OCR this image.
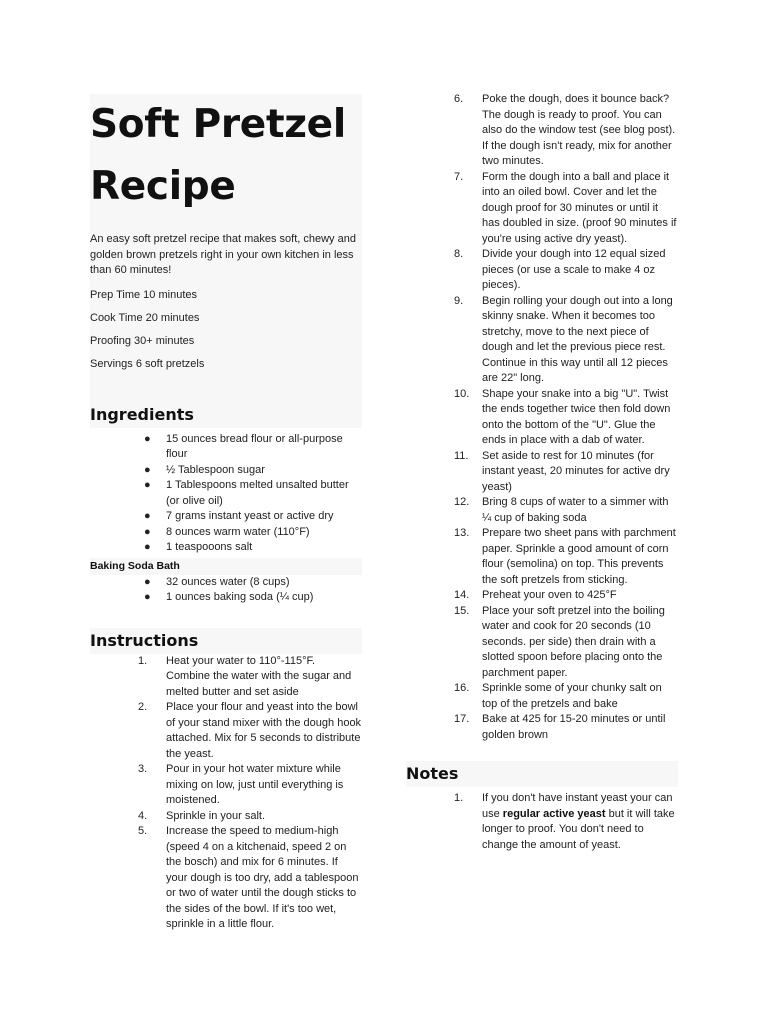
Soft Pretzel Recipe

An easy soft pretzel recipe that makes soft, chewy and golden brown pretzels right in your own kitchen in less than 60 minutes!

Prep Time 10 minutes

Cook Time 20 minutes

Proofing 30+ minutes

Servings 6 soft pretzels

Ingredients
● 15 ounces bread flour or all-purpose flour
● ½ Tablespoon sugar
● 1 Tablespoons melted unsalted butter (or olive oil)
● 7 grams instant yeast or active dry
● 8 ounces warm water (110°F)
● 1 teaspooons salt
Baking Soda Bath
● 32 ounces water (8 cups)
● 1 ounces baking soda (¼ cup)
Instructions
1.	Heat your water to 110°-115°F. Combine the water with the sugar and melted butter and set aside
2.	Place your flour and yeast into the bowl of your stand mixer with the dough hook attached. Mix for 5 seconds to distribute the yeast.
3.	Pour in your hot water mixture while mixing on low, just until everything is moistened.
4.	Sprinkle in your salt.
5.	Increase the speed to medium-high (speed 4 on a kitchenaid, speed 2 on the bosch) and mix for 6 minutes. If your dough is too dry, add a tablespoon or two of water until the dough sticks to the sides of the bowl. If it's too wet, sprinkle in a little flour.
6.	Poke the dough, does it bounce back? The dough is ready to proof. You can also do the window test (see blog post). If the dough isn't ready, mix for another two minutes.
7.	Form the dough into a ball and place it into an oiled bowl. Cover and let the dough proof for 30 minutes or until it has doubled in size. (proof 90 minutes if you're using active dry yeast).
8.	Divide your dough into 12 equal sized pieces (or use a scale to make 4 oz pieces).
9.	Begin rolling your dough out into a long skinny snake. When it becomes too stretchy, move to the next piece of dough and let the previous piece rest. Continue in this way until all 12 pieces are 22" long.
10.	Shape your snake into a big "U". Twist the ends together twice then fold down onto the bottom of the "U". Glue the ends in place with a dab of water.
11.	Set aside to rest for 10 minutes (for instant yeast, 20 minutes for active dry yeast)
12.	Bring 8 cups of water to a simmer with ¼ cup of baking soda
13.	Prepare two sheet pans with parchment paper. Sprinkle a good amount of corn flour (semolina) on top. This prevents the soft pretzels from sticking.
14.	Preheat your oven to 425°F
15.	Place your soft pretzel into the boiling water and cook for 20 seconds (10 seconds. per side) then drain with a slotted spoon before placing onto the parchment paper.
16.	Sprinkle some of your chunky salt on top of the pretzels and bake
17.	Bake at 425 for 15-20 minutes or until golden brown
Notes
1.	If you don't have instant yeast your can use regular active yeast but it will take longer to proof. You don't need to change the amount of yeast.
